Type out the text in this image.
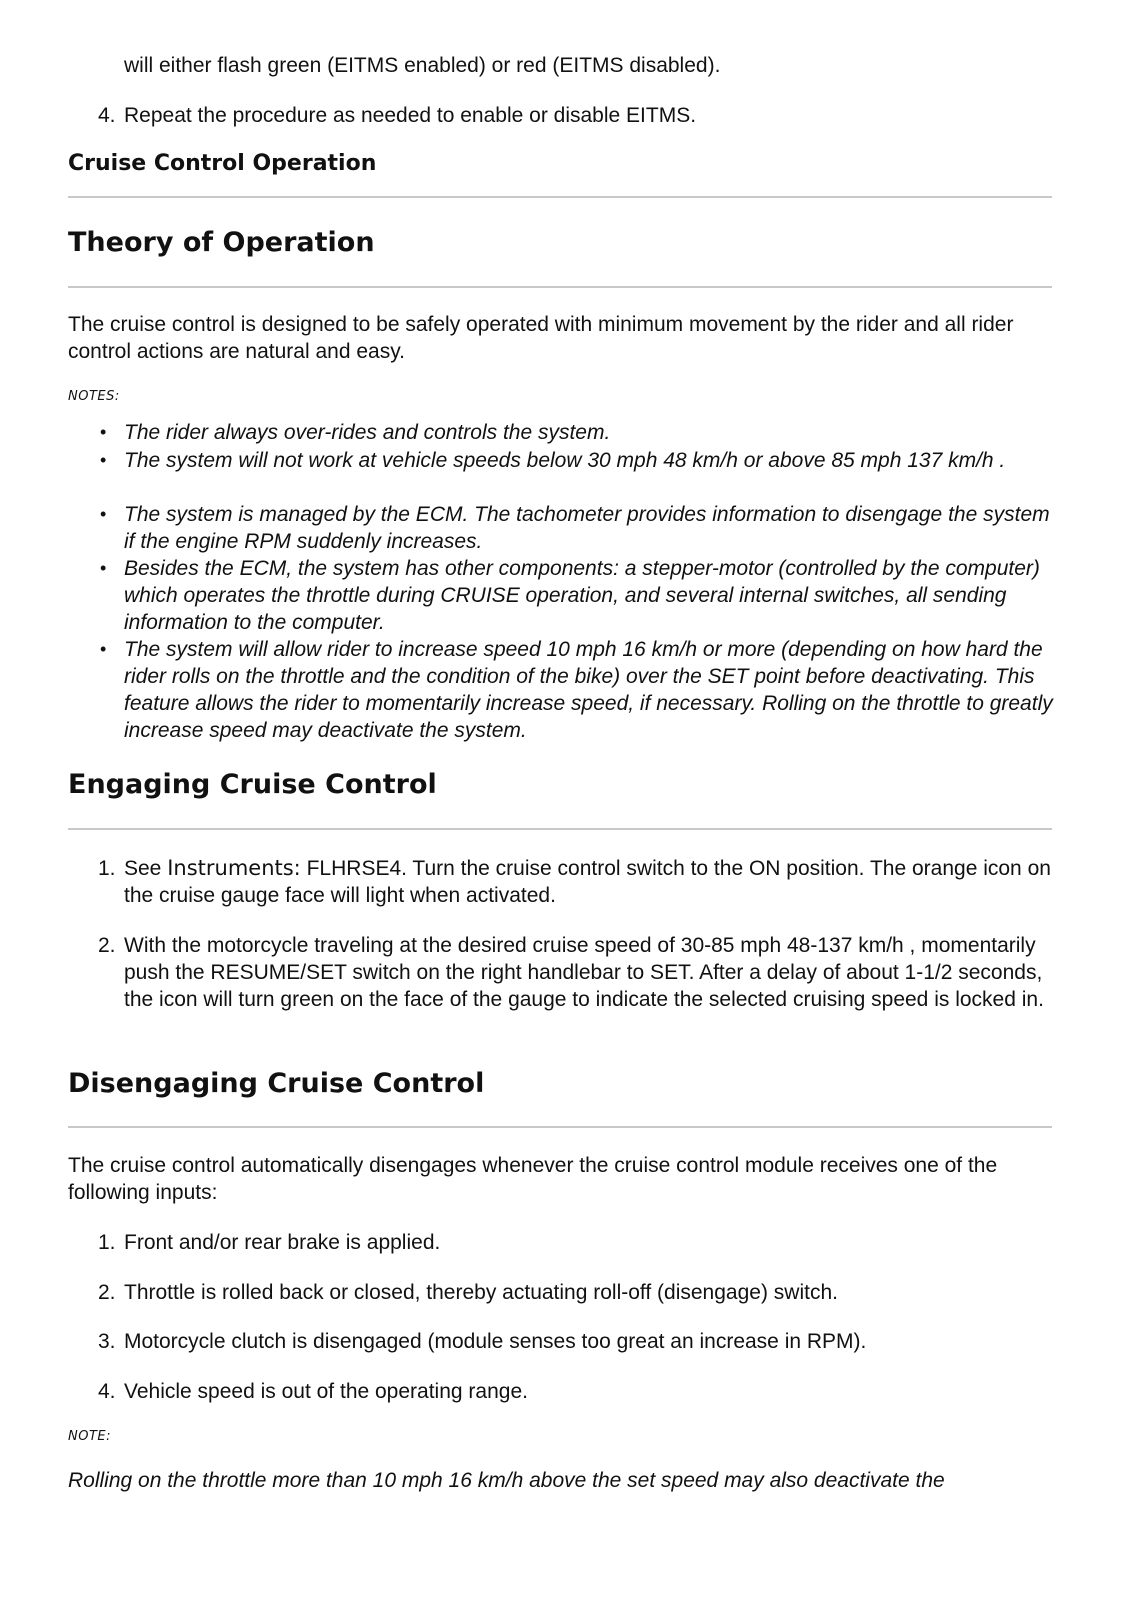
will either flash green (EITMS enabled) or red (EITMS disabled).
4. Repeat the procedure as needed to enable or disable EITMS.
Cruise Control Operation
Theory of Operation
The cruise control is designed to be safely operated with minimum movement by the rider and all rider control actions are natural and easy.
NOTES:
• The rider always over-rides and controls the system.
• The system will not work at vehicle speeds below 30 mph 48 km/h or above 85 mph 137 km/h .
• The system is managed by the ECM. The tachometer provides information to disengage the system if the engine RPM suddenly increases.
• Besides the ECM, the system has other components: a stepper-motor (controlled by the computer) which operates the throttle during CRUISE operation, and several internal switches, all sending information to the computer.
• The system will allow rider to increase speed 10 mph 16 km/h or more (depending on how hard the rider rolls on the throttle and the condition of the bike) over the SET point before deactivating. This feature allows the rider to momentarily increase speed, if necessary. Rolling on the throttle to greatly increase speed may deactivate the system.
Engaging Cruise Control
1. See Instruments: FLHRSE4. Turn the cruise control switch to the ON position. The orange icon on the cruise gauge face will light when activated.
2. With the motorcycle traveling at the desired cruise speed of 30-85 mph 48-137 km/h , momentarily push the RESUME/SET switch on the right handlebar to SET. After a delay of about 1-1/2 seconds, the icon will turn green on the face of the gauge to indicate the selected cruising speed is locked in.
Disengaging Cruise Control
The cruise control automatically disengages whenever the cruise control module receives one of the following inputs:
1. Front and/or rear brake is applied.
2. Throttle is rolled back or closed, thereby actuating roll-off (disengage) switch.
3. Motorcycle clutch is disengaged (module senses too great an increase in RPM).
4. Vehicle speed is out of the operating range.
NOTE:
Rolling on the throttle more than 10 mph 16 km/h above the set speed may also deactivate the
